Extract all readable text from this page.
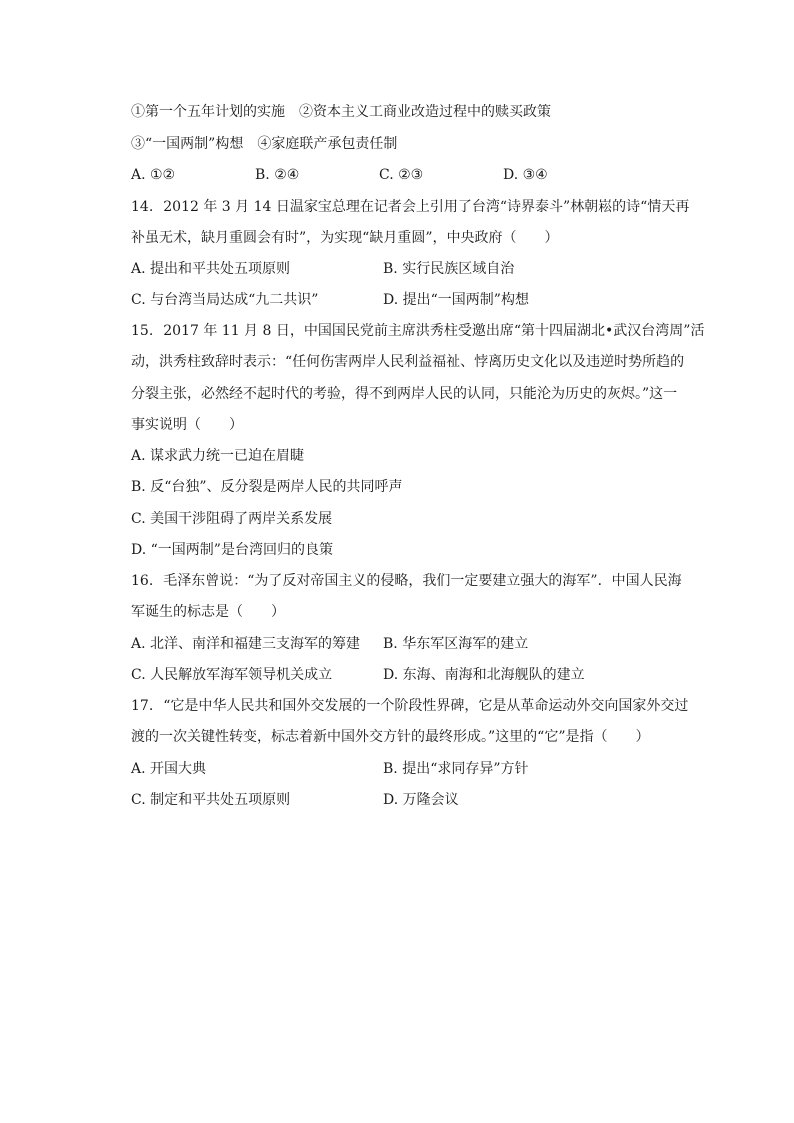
①第一个五年计划的实施 ②资本主义工商业改造过程中的赎买政策
③“一国两制”构想 ④家庭联产承包责任制
A. ①②	B. ②④	C. ②③	D. ③④
14. 2012 年 3 月 14 日温家宝总理在记者会上引用了台湾“诗界泰斗”林朝崧的诗“情天再
补虽无术，缺月重圆会有时”，为实现“缺月重圆”，中央政府（　　）
A. 提出和平共处五项原则	B. 实行民族区域自治
C. 与台湾当局达成“九二共识”	D. 提出“一国两制”构想
15. 2017 年 11 月 8 日，中国国民党前主席洪秀柱受邀出席“第十四届湖北•武汉台湾周”活
动，洪秀柱致辞时表示：“任何伤害两岸人民利益福祉、悖离历史文化以及违逆时势所趋的
分裂主张，必然经不起时代的考验，得不到两岸人民的认同，只能沦为历史的灰烬。”这一
事实说明（　　）
A. 谋求武力统一已迫在眉睫
B. 反“台独”、反分裂是两岸人民的共同呼声
C. 美国干涉阻碍了两岸关系发展
D. “一国两制”是台湾回归的良策
16. 毛泽东曾说：“为了反对帝国主义的侵略，我们一定要建立强大的海军”．中国人民海
军诞生的标志是（　　）
A. 北洋、南洋和福建三支海军的筹建 B. 华东军区海军的建立
C. 人民解放军海军领导机关成立	D. 东海、南海和北海舰队的建立
17. “它是中华人民共和国外交发展的一个阶段性界碑，它是从革命运动外交向国家外交过
渡的一次关键性转变，标志着新中国外交方针的最终形成。”这里的“它”是指（　　）
A. 开国大典	B. 提出“求同存异”方针
C. 制定和平共处五项原则	D. 万隆会议
